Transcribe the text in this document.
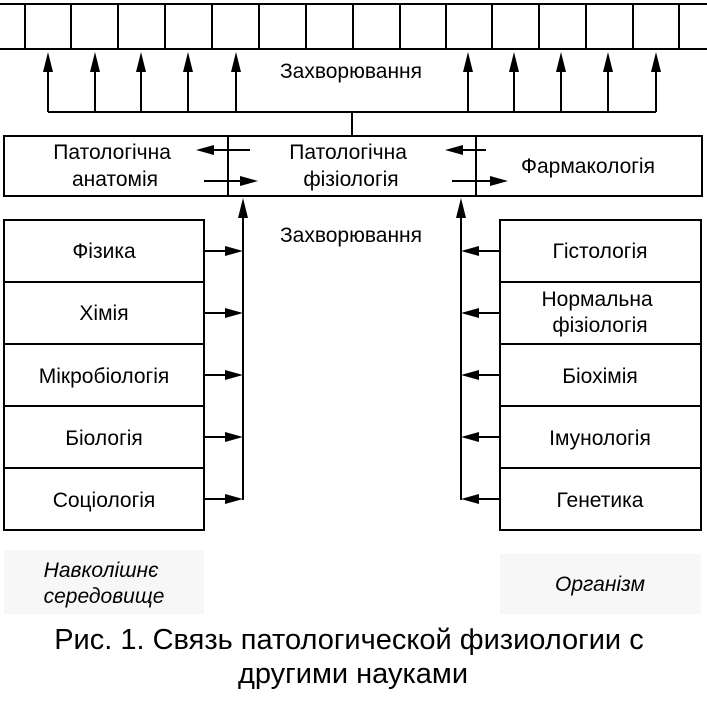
Захворювання
Патологічна анатомія
Патологічна фізіологія
Фармакологія
Захворювання
Фізика
Хімія
Мікробіологія
Біологія
Соціологія
Гістологія
Нормальна фізіологія
Біохімія
Імунологія
Генетика
Навколішнє середовище
Організм
Рис. 1. Связь патологической физиологии с другими науками
